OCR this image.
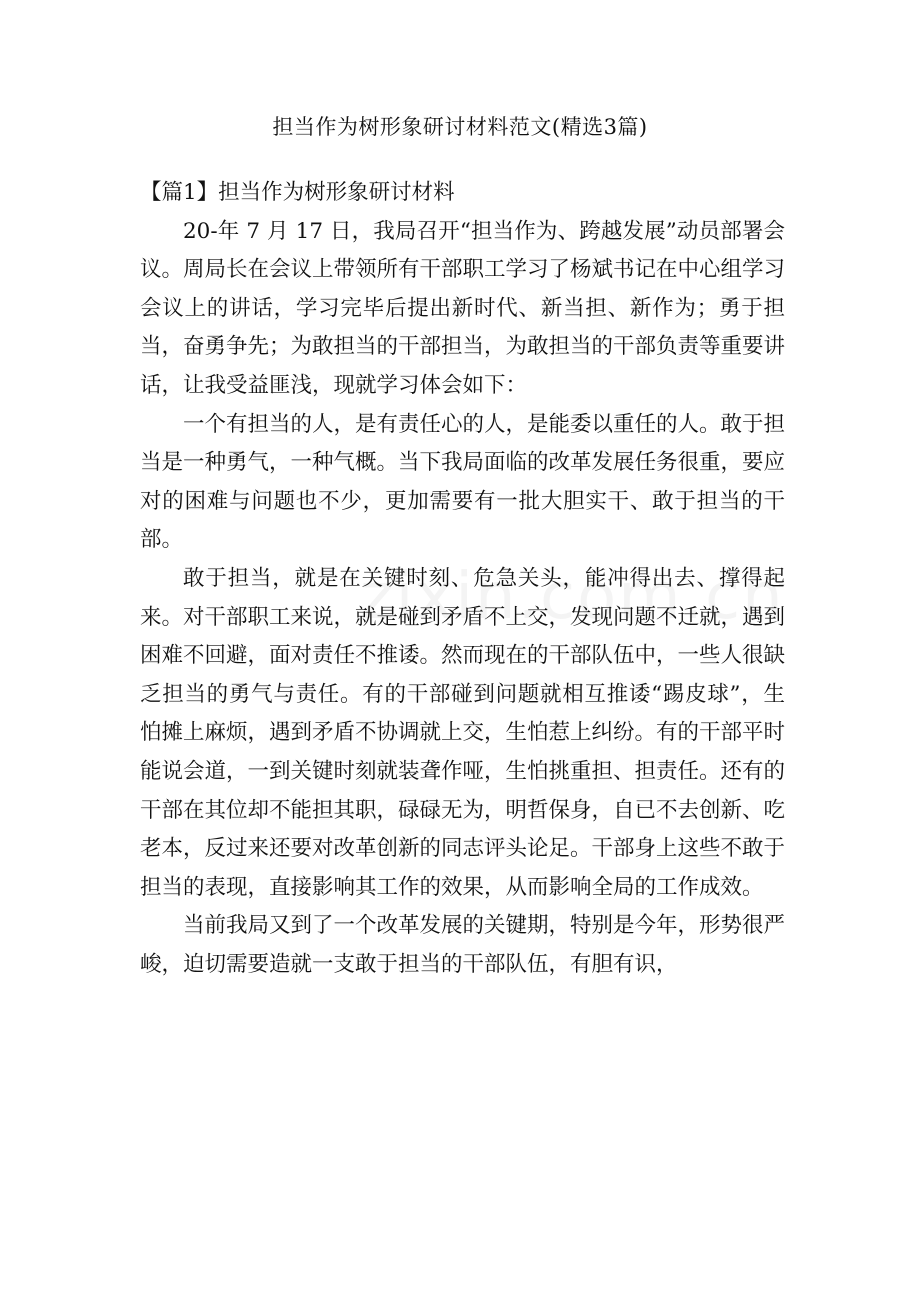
担当作为树形象研讨材料范文(精选3篇)
【篇1】担当作为树形象研讨材料

20-年 7 月 17 日，我局召开“担当作为、跨越发展”动员部署会议。周局长在会议上带领所有干部职工学习了杨斌书记在中心组学习会议上的讲话，学习完毕后提出新时代、新当担、新作为；勇于担当，奋勇争先；为敢担当的干部担当，为敢担当的干部负责等重要讲话，让我受益匪浅，现就学习体会如下：

一个有担当的人，是有责任心的人，是能委以重任的人。敢于担当是一种勇气，一种气概。当下我局面临的改革发展任务很重，要应对的困难与问题也不少，更加需要有一批大胆实干、敢于担当的干部。

敢于担当，就是在关键时刻、危急关头，能冲得出去、撑得起来。对干部职工来说，就是碰到矛盾不上交，发现问题不迁就，遇到困难不回避，面对责任不推诿。然而现在的干部队伍中，一些人很缺乏担当的勇气与责任。有的干部碰到问题就相互推诿“踢皮球”，生怕摊上麻烦，遇到矛盾不协调就上交，生怕惹上纠纷。有的干部平时能说会道，一到关键时刻就装聋作哑，生怕挑重担、担责任。还有的干部在其位却不能担其职，碌碌无为，明哲保身，自已不去创新、吃老本，反过来还要对改革创新的同志评头论足。干部身上这些不敢于担当的表现，直接影响其工作的效果，从而影响全局的工作成效。

当前我局又到了一个改革发展的关键期，特别是今年，形势很严峻，迫切需要造就一支敢于担当的干部队伍，有胆有识，
